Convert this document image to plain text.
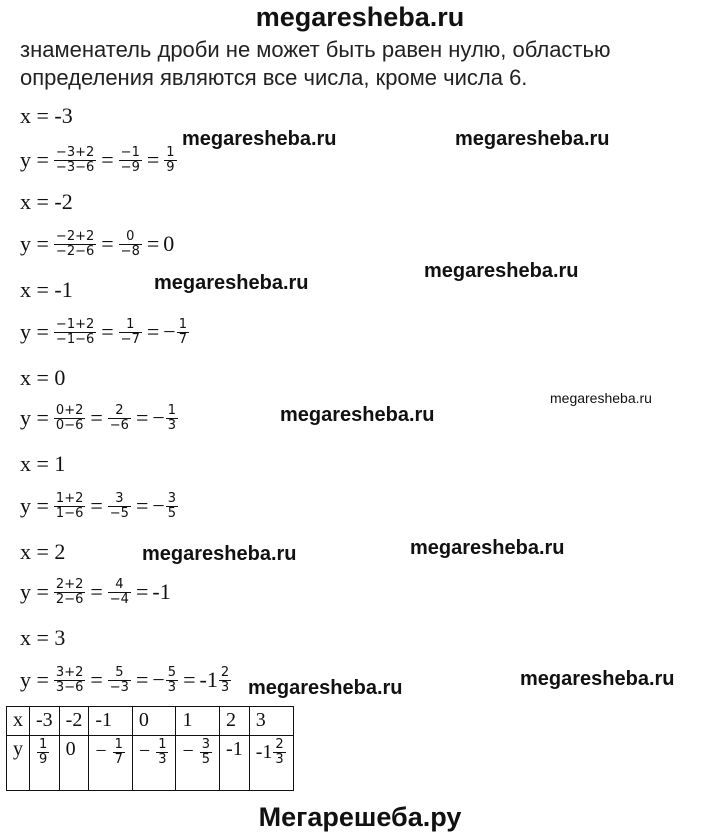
megaresheba.ru
знаменатель дроби не может быть равен нулю, областью определения являются все числа, кроме числа 6.
x = -3
$y = \frac{-3+2}{-3-6} = \frac{-1}{-9} = \frac{1}{9}$
x = -2
$y = \frac{-2+2}{-2-6} = \frac{0}{-8} = 0$
x = -1
$y = \frac{-1+2}{-1-6} = \frac{1}{-7}$ = − $\frac{1}{7}$
x = 0
$y = \frac{0+2}{0-6} = \frac{2}{-6}$ = − $\frac{1}{3}$
x = 1
$y = \frac{1+2}{1-6} = \frac{3}{-5}$ = − $\frac{3}{5}$
x = 2
$y = \frac{2+2}{2-6} = \frac{4}{-4} = -1$
x = 3
$y = \frac{3+2}{3-6} = \frac{5}{-3}$ = − $\frac{5}{3} = -1 \frac{2}{3}$
megaresheba.ru	megaresheba.ru
megaresheba.ru
megaresheba.ru
megaresheba.ru
megaresheba.ru
megaresheba.ru	megaresheba.ru
megaresheba.ru	megaresheba.ru
x	-3	-2	-1	0	1	2	3
y	$\frac{1}{9}$	0	− $\frac{1}{7}$	− $\frac{1}{3}$	− $\frac{3}{5}$	-1	$-1 \frac{2}{3}$
Мегарешеба.ру
